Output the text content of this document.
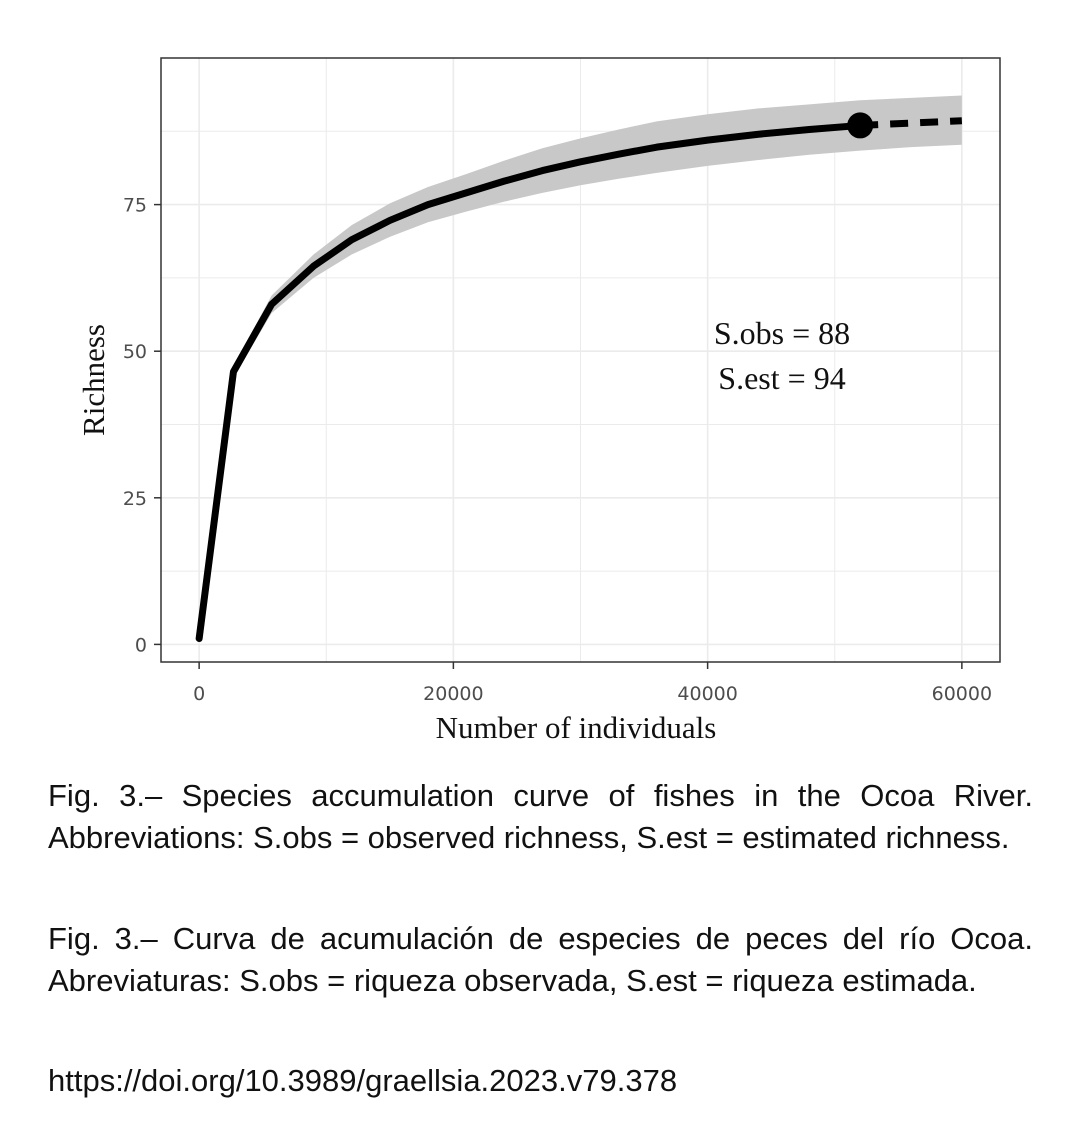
0	20000	40000	60000
0
25
50
75
S.obs = 88
S.est = 94
Number of individuals
Richness

Fig. 3.– Species accumulation curve of fishes in the Ocoa River. Abbreviations: S.obs = observed richness, S.est = estimated richness.

Fig. 3.– Curva de acumulación de especies de peces del río Ocoa. Abreviaturas: S.obs = riqueza observada, S.est = riqueza estimada.

https://doi.org/10.3989/graellsia.2023.v79.378
